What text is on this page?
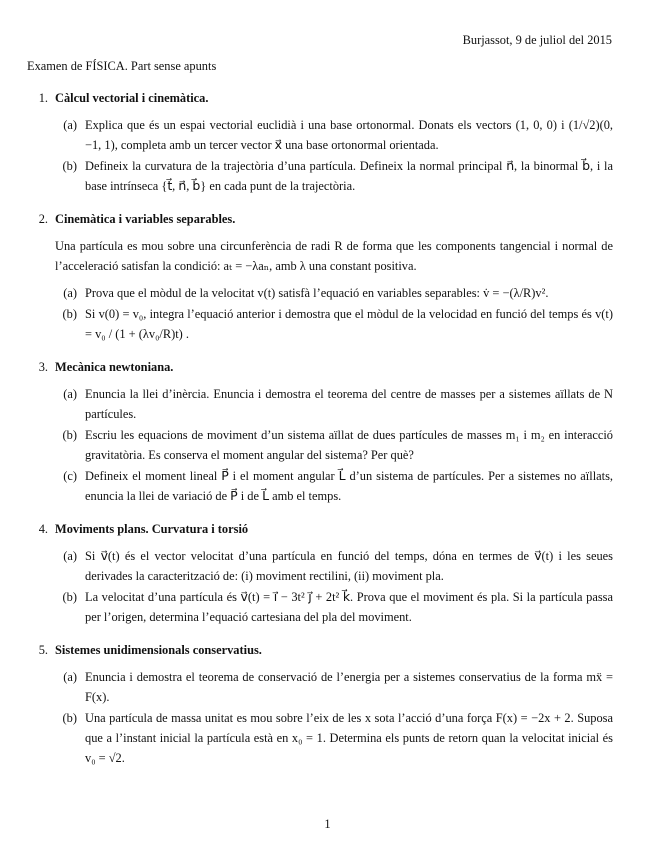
Burjassot, 9 de juliol del 2015
Examen de FÍSICA. Part sense apunts
1. Càlcul vectorial i cinemàtica.
(a) Explica que és un espai vectorial euclidià i una base ortonormal. Donats els vectors (1, 0, 0) i (1/√2)(0, −1, 1), completa amb un tercer vector x⃗ una base ortonormal orientada.
(b) Defineix la curvatura de la trajectòria d’una partícula. Defineix la normal principal n⃗, la binormal b⃗, i la base intrínseca {t⃗, n⃗, b⃗} en cada punt de la trajectòria.
2. Cinemàtica i variables separables.
Una partícula es mou sobre una circunferència de radi R de forma que les components tangencial i normal de l’acceleració satisfan la condició: aₜ = −λaₙ, amb λ una constant positiva.
(a) Prova que el mòdul de la velocitat v(t) satisfà l’equació en variables separables: v̇ = −(λ/R)v².
(b) Si v(0) = v₀, integra l’equació anterior i demostra que el mòdul de la velocidad en funció del temps és v(t) = v₀ / (1 + (λv₀/R)t) .
3. Mecànica newtoniana.
(a) Enuncia la llei d’inèrcia. Enuncia i demostra el teorema del centre de masses per a sistemes aïllats de N partícules.
(b) Escriu les equacions de moviment d’un sistema aïllat de dues partícules de masses m₁ i m₂ en interacció gravitatòria. Es conserva el moment angular del sistema? Per què?
(c) Defineix el moment lineal P⃗ i el moment angular L⃗ d’un sistema de partícules. Per a sistemes no aïllats, enuncia la llei de variació de P⃗ i de L⃗ amb el temps.
4. Moviments plans. Curvatura i torsió
(a) Si v⃗(t) és el vector velocitat d’una partícula en funció del temps, dóna en termes de v⃗(t) i les seues derivades la caracterització de: (i) moviment rectilini, (ii) moviment pla.
(b) La velocitat d’una partícula és v⃗(t) = i⃗ − 3t² j⃗ + 2t² k⃗. Prova que el moviment és pla. Si la partícula passa per l’origen, determina l’equació cartesiana del pla del moviment.
5. Sistemes unidimensionals conservatius.
(a) Enuncia i demostra el teorema de conservació de l’energia per a sistemes conservatius de la forma mẍ = F(x).
(b) Una partícula de massa unitat es mou sobre l’eix de les x sota l’acció d’una força F(x) = −2x + 2. Suposa que a l’instant inicial la partícula està en x₀ = 1. Determina els punts de retorn quan la velocitat inicial és v₀ = √2.
1
